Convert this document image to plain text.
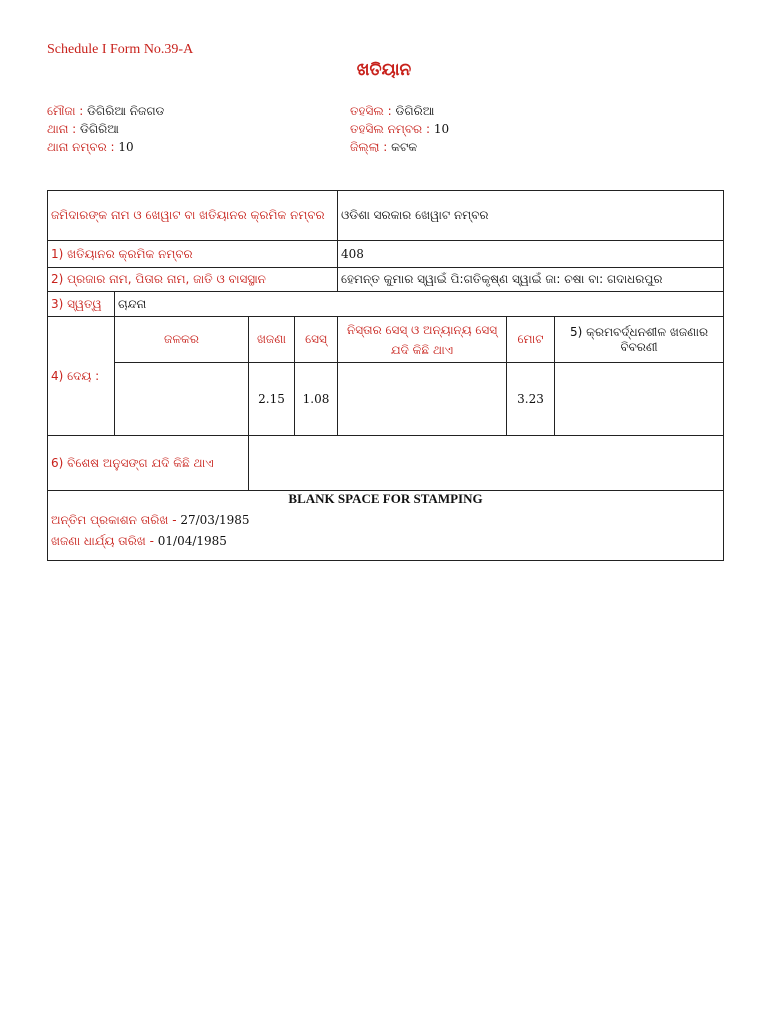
Schedule I Form No.39-A
ଖତିୟାନ
ମୌଜା : ଡିଗିରିଆ ନିଜଗଡ
ଥାନା : ଡିଗିରିଆ
ଥାନା ନମ୍ବର : 10
ତହସିଲ : ଡିଗିରିଆ
ତହସିଲ ନମ୍ବର : 10
ଜିଲ୍ଲା : କଟକ
ଜମିଦାରଙ୍କ ନାମ ଓ ଖେୱାଟ ବା ଖତିୟାନର କ୍ରମିକ ନମ୍ବର				ଓଡିଶା ସରକାର ଖେୱାଟ ନମ୍ବର		
1) ଖତିୟାନର କ୍ରମିକ ନମ୍ବର				408		
2) ପ୍ରଜାର ନାମ, ପିତାର ନାମ, ଜାତି ଓ ବାସସ୍ଥାନ				ହେମନ୍ତ କୁମାର ସ୍ୱାଇଁ ପି:ଗତିକୃଷ୍ଣ ସ୍ୱାଇଁ ଜା: ଚଷା ବା: ଗଦାଧରପୁର		
3) ସ୍ୱତ୍ୱ	ଚାନ୍ଦନା					
4) ଦେୟ :	ଜଳକର	ଖଜଣା	ସେସ୍	ନିସ୍ତାର ସେସ୍ ଓ ଅନ୍ୟାନ୍ୟ ସେସ୍ ଯଦି କିଛି ଥାଏ	ମୋଟ	5) କ୍ରମବର୍ଦ୍ଧନଶୀଳ ଖଜଣାର ବିବରଣୀ
		2.15	1.08		3.23	
6) ବିଶେଷ ଅନୁସଙ୍ଗ ଯଦି କିଛି ଥାଏ						

BLANK SPACE FOR STAMPING
ଅନ୍ତିମ ପ୍ରକାଶନ ତାରିଖ - 27/03/1985
ଖଜଣା ଧାର୍ଯ୍ୟ ତାରିଖ - 01/04/1985						
